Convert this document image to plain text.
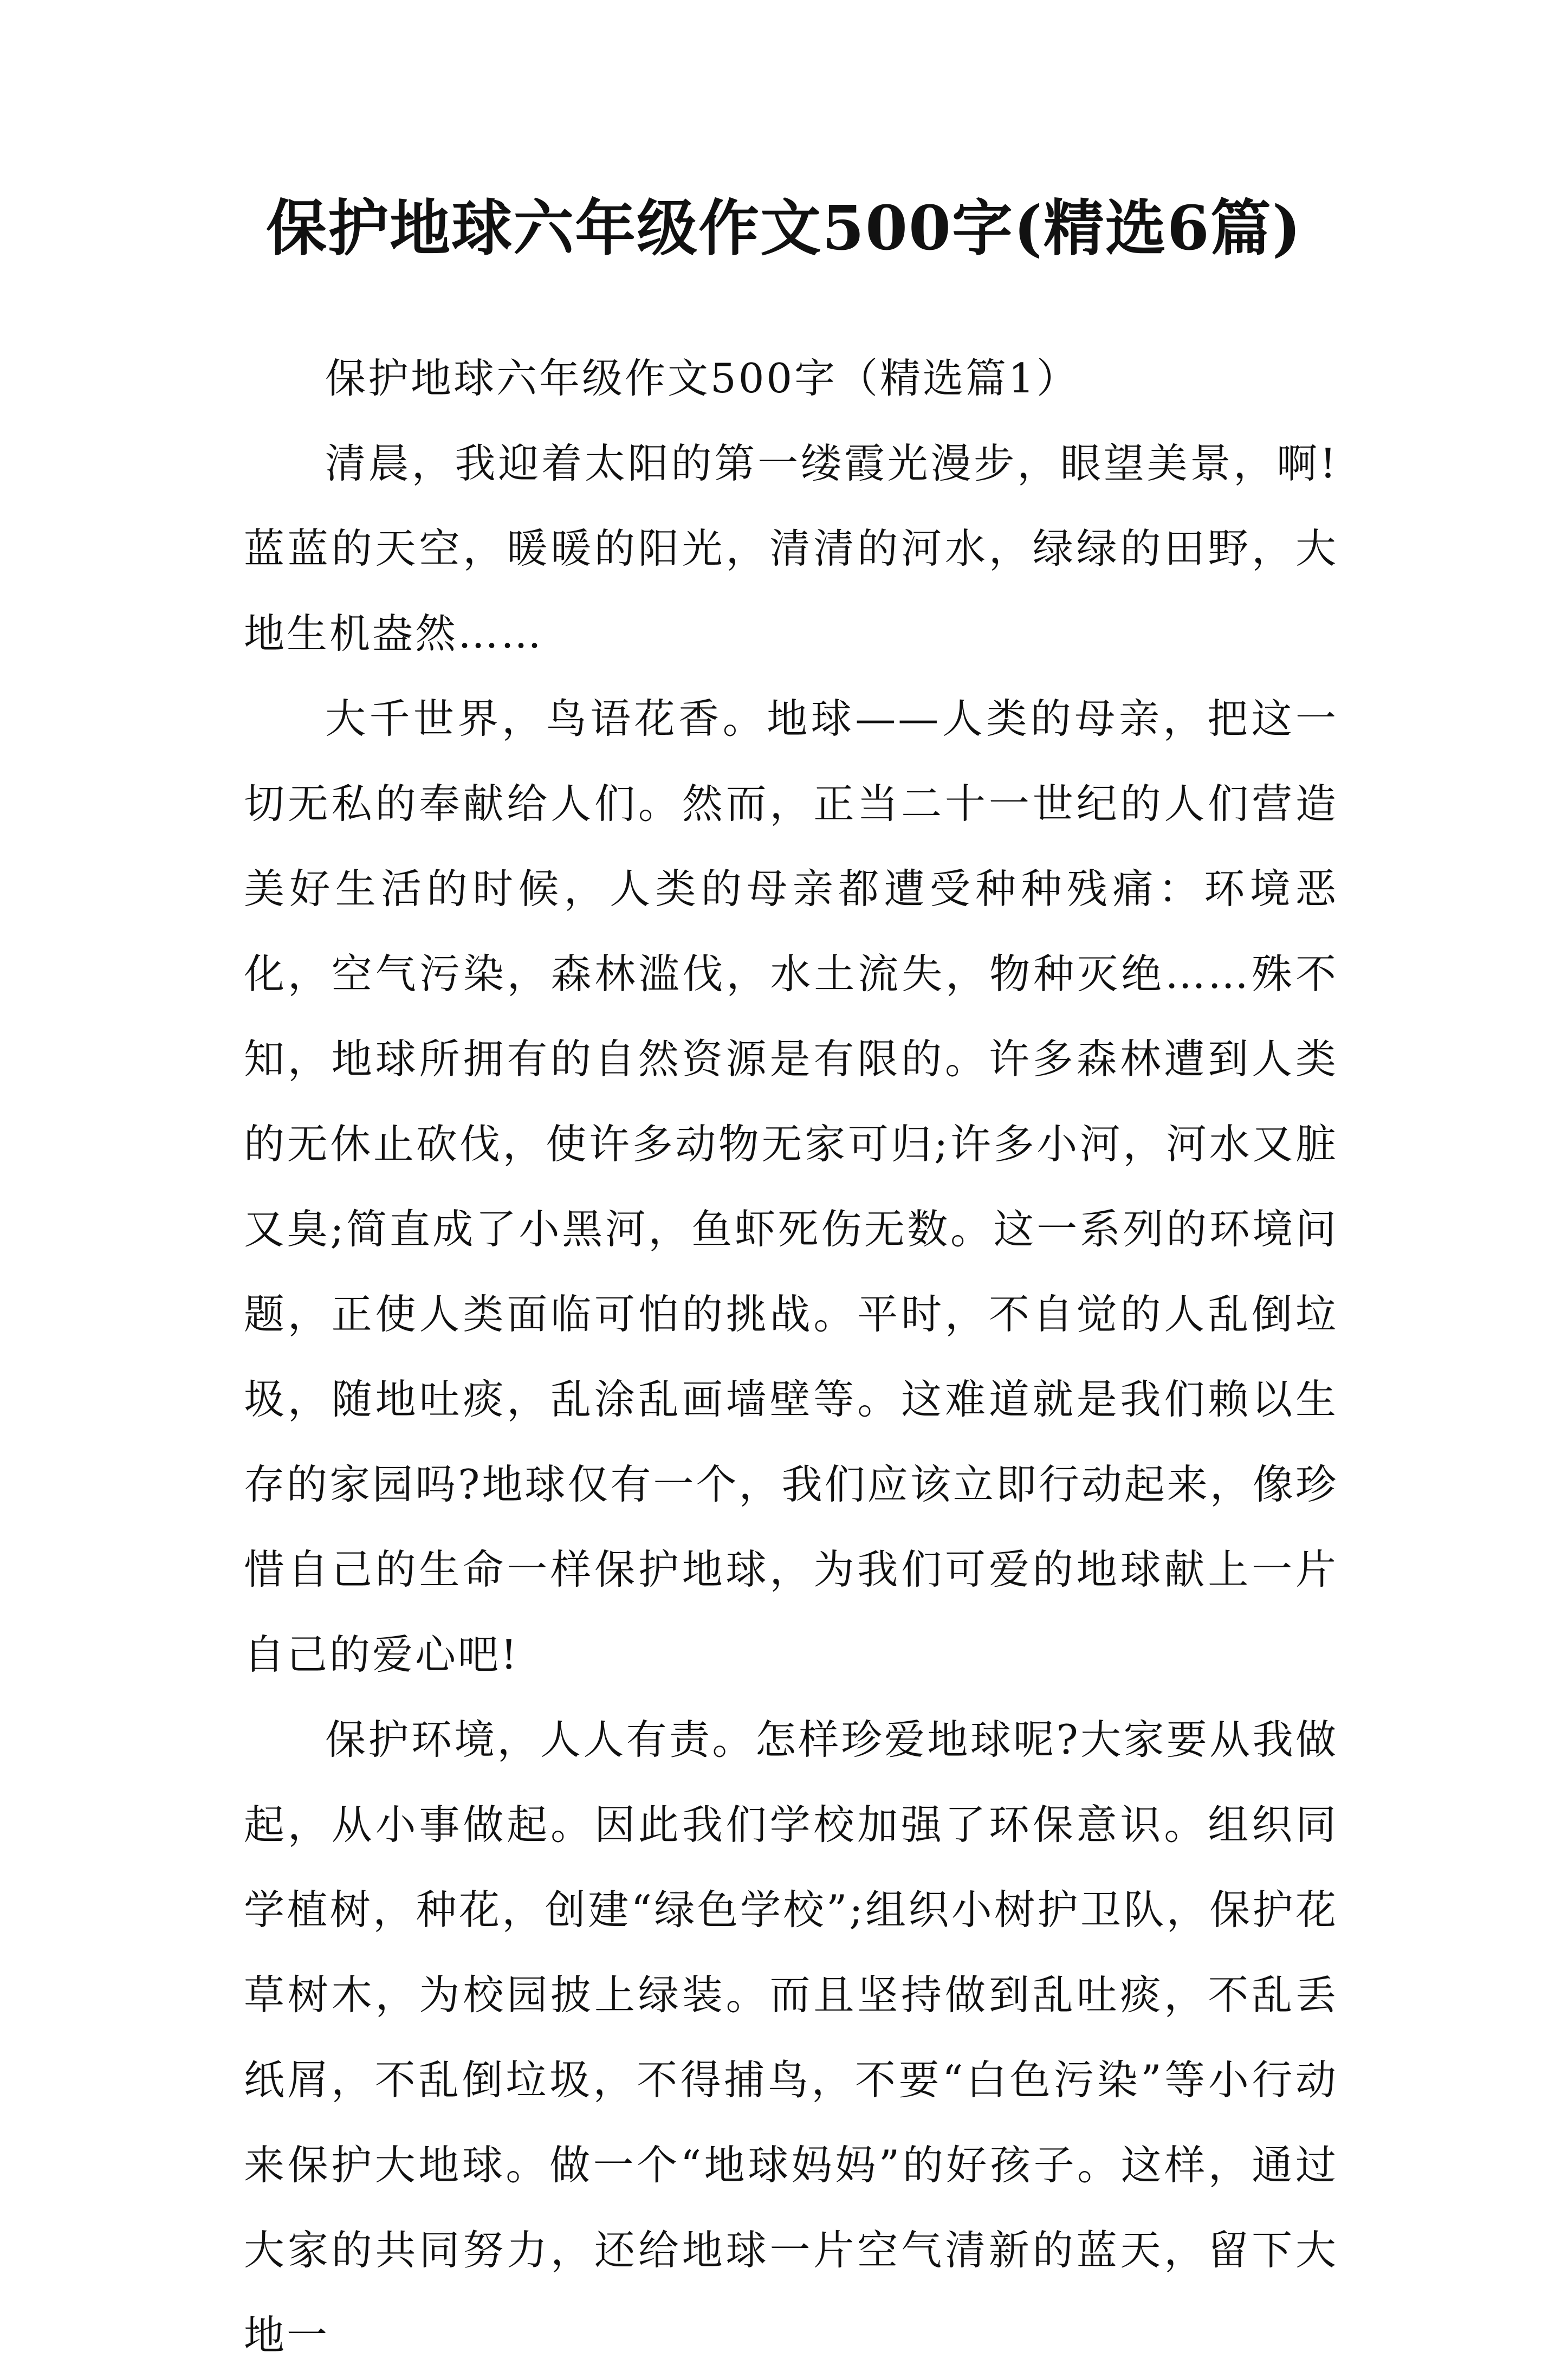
保护地球六年级作文500字(精选6篇)

保护地球六年级作文500字（精选篇1）

清晨，我迎着太阳的第一缕霞光漫步，眼望美景，啊!蓝蓝的天空，暖暖的阳光，清清的河水，绿绿的田野，大地生机盎然……

大千世界，鸟语花香。地球——人类的母亲，把这一切无私的奉献给人们。然而，正当二十一世纪的人们营造美好生活的时候，人类的母亲都遭受种种残痛：环境恶化，空气污染，森林滥伐，水土流失，物种灭绝……殊不知，地球所拥有的自然资源是有限的。许多森林遭到人类的无休止砍伐，使许多动物无家可归;许多小河，河水又脏又臭;简直成了小黑河，鱼虾死伤无数。这一系列的环境问题，正使人类面临可怕的挑战。平时，不自觉的人乱倒垃圾，随地吐痰，乱涂乱画墙壁等。这难道就是我们赖以生存的家园吗?地球仅有一个，我们应该立即行动起来，像珍惜自己的生命一样保护地球，为我们可爱的地球献上一片自己的爱心吧!

保护环境，人人有责。怎样珍爱地球呢?大家要从我做起，从小事做起。因此我们学校加强了环保意识。组织同学植树，种花，创建“绿色学校”;组织小树护卫队，保护花草树木，为校园披上绿装。而且坚持做到乱吐痰，不乱丢纸屑，不乱倒垃圾，不得捕鸟，不要“白色污染”等小行动来保护大地球。做一个“地球妈妈”的好孩子。这样，通过大家的共同努力，还给地球一片空气清新的蓝天，留下大地一
